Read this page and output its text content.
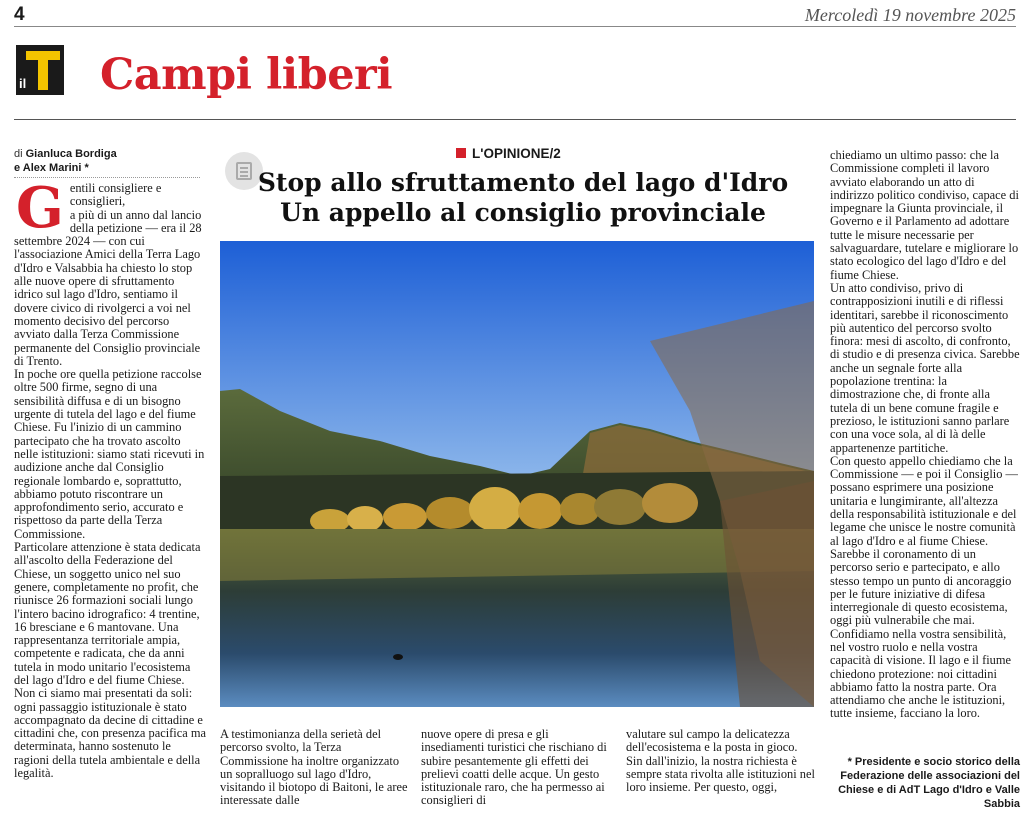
4	Mercoledì 19 novembre 2025
il Campi liberi
di Gianluca Bordiga
e Alex Marini *
G entili consigliere e consiglieri,
a più di un anno dal lancio della petizione — era il 28 settembre 2024 — con cui l'associazione Amici della Terra Lago d'Idro e Valsabbia ha chiesto lo stop alle nuove opere di sfruttamento idrico sul lago d'Idro, sentiamo il dovere civico di rivolgerci a voi nel momento decisivo del percorso avviato dalla Terza Commissione permanente del Consiglio provinciale di Trento.
In poche ore quella petizione raccolse oltre 500 firme, segno di una sensibilità diffusa e di un bisogno urgente di tutela del lago e del fiume Chiese. Fu l'inizio di un cammino partecipato che ha trovato ascolto nelle istituzioni: siamo stati ricevuti in audizione anche dal Consiglio regionale lombardo e, soprattutto, abbiamo potuto riscontrare un approfondimento serio, accurato e rispettoso da parte della Terza Commissione.
Particolare attenzione è stata dedicata all'ascolto della Federazione del Chiese, un soggetto unico nel suo genere, completamente no profit, che riunisce 26 formazioni sociali lungo l'intero bacino idrografico: 4 trentine, 16 bresciane e 6 mantovane. Una rappresentanza territoriale ampia, competente e radicata, che da anni tutela in modo unitario l'ecosistema del lago d'Idro e del fiume Chiese.
Non ci siamo mai presentati da soli: ogni passaggio istituzionale è stato accompagnato da decine di cittadine e cittadini che, con presenza pacifica ma determinata, hanno sostenuto le ragioni della tutela ambientale e della legalità.
L'OPINIONE/2
Stop allo sfruttamento del lago d'Idro
Un appello al consiglio provinciale
A testimonianza della serietà del percorso svolto, la Terza Commissione ha inoltre organizzato un sopralluogo sul lago d'Idro, visitando il biotopo di Baitoni, le aree interessate dalle
nuove opere di presa e gli insediamenti turistici che rischiano di subire pesantemente gli effetti dei prelievi coatti delle acque. Un gesto istituzionale raro, che ha permesso ai consiglieri di
valutare sul campo la delicatezza dell'ecosistema e la posta in gioco.
Sin dall'inizio, la nostra richiesta è sempre stata rivolta alle istituzioni nel loro insieme. Per questo, oggi,
chiediamo un ultimo passo: che la Commissione completi il lavoro avviato elaborando un atto di indirizzo politico condiviso, capace di impegnare la Giunta provinciale, il Governo e il Parlamento ad adottare tutte le misure necessarie per salvaguardare, tutelare e migliorare lo stato ecologico del lago d'Idro e del fiume Chiese.
Un atto condiviso, privo di contrapposizioni inutili e di riflessi identitari, sarebbe il riconoscimento più autentico del percorso svolto finora: mesi di ascolto, di confronto, di studio e di presenza civica. Sarebbe anche un segnale forte alla popolazione trentina: la dimostrazione che, di fronte alla tutela di un bene comune fragile e prezioso, le istituzioni sanno parlare con una voce sola, al di là delle appartenenze partitiche.
Con questo appello chiediamo che la Commissione — e poi il Consiglio — possano esprimere una posizione unitaria e lungimirante, all'altezza della responsabilità istituzionale e del legame che unisce le nostre comunità al lago d'Idro e al fiume Chiese. Sarebbe il coronamento di un percorso serio e partecipato, e allo stesso tempo un punto di ancoraggio per le future iniziative di difesa interregionale di questo ecosistema, oggi più vulnerabile che mai.
Confidiamo nella vostra sensibilità, nel vostro ruolo e nella vostra capacità di visione. Il lago e il fiume chiedono protezione: noi cittadini abbiamo fatto la nostra parte. Ora attendiamo che anche le istituzioni, tutte insieme, facciano la loro.
* Presidente e socio storico della Federazione delle associazioni del Chiese e di AdT Lago d'Idro e Valle Sabbia
